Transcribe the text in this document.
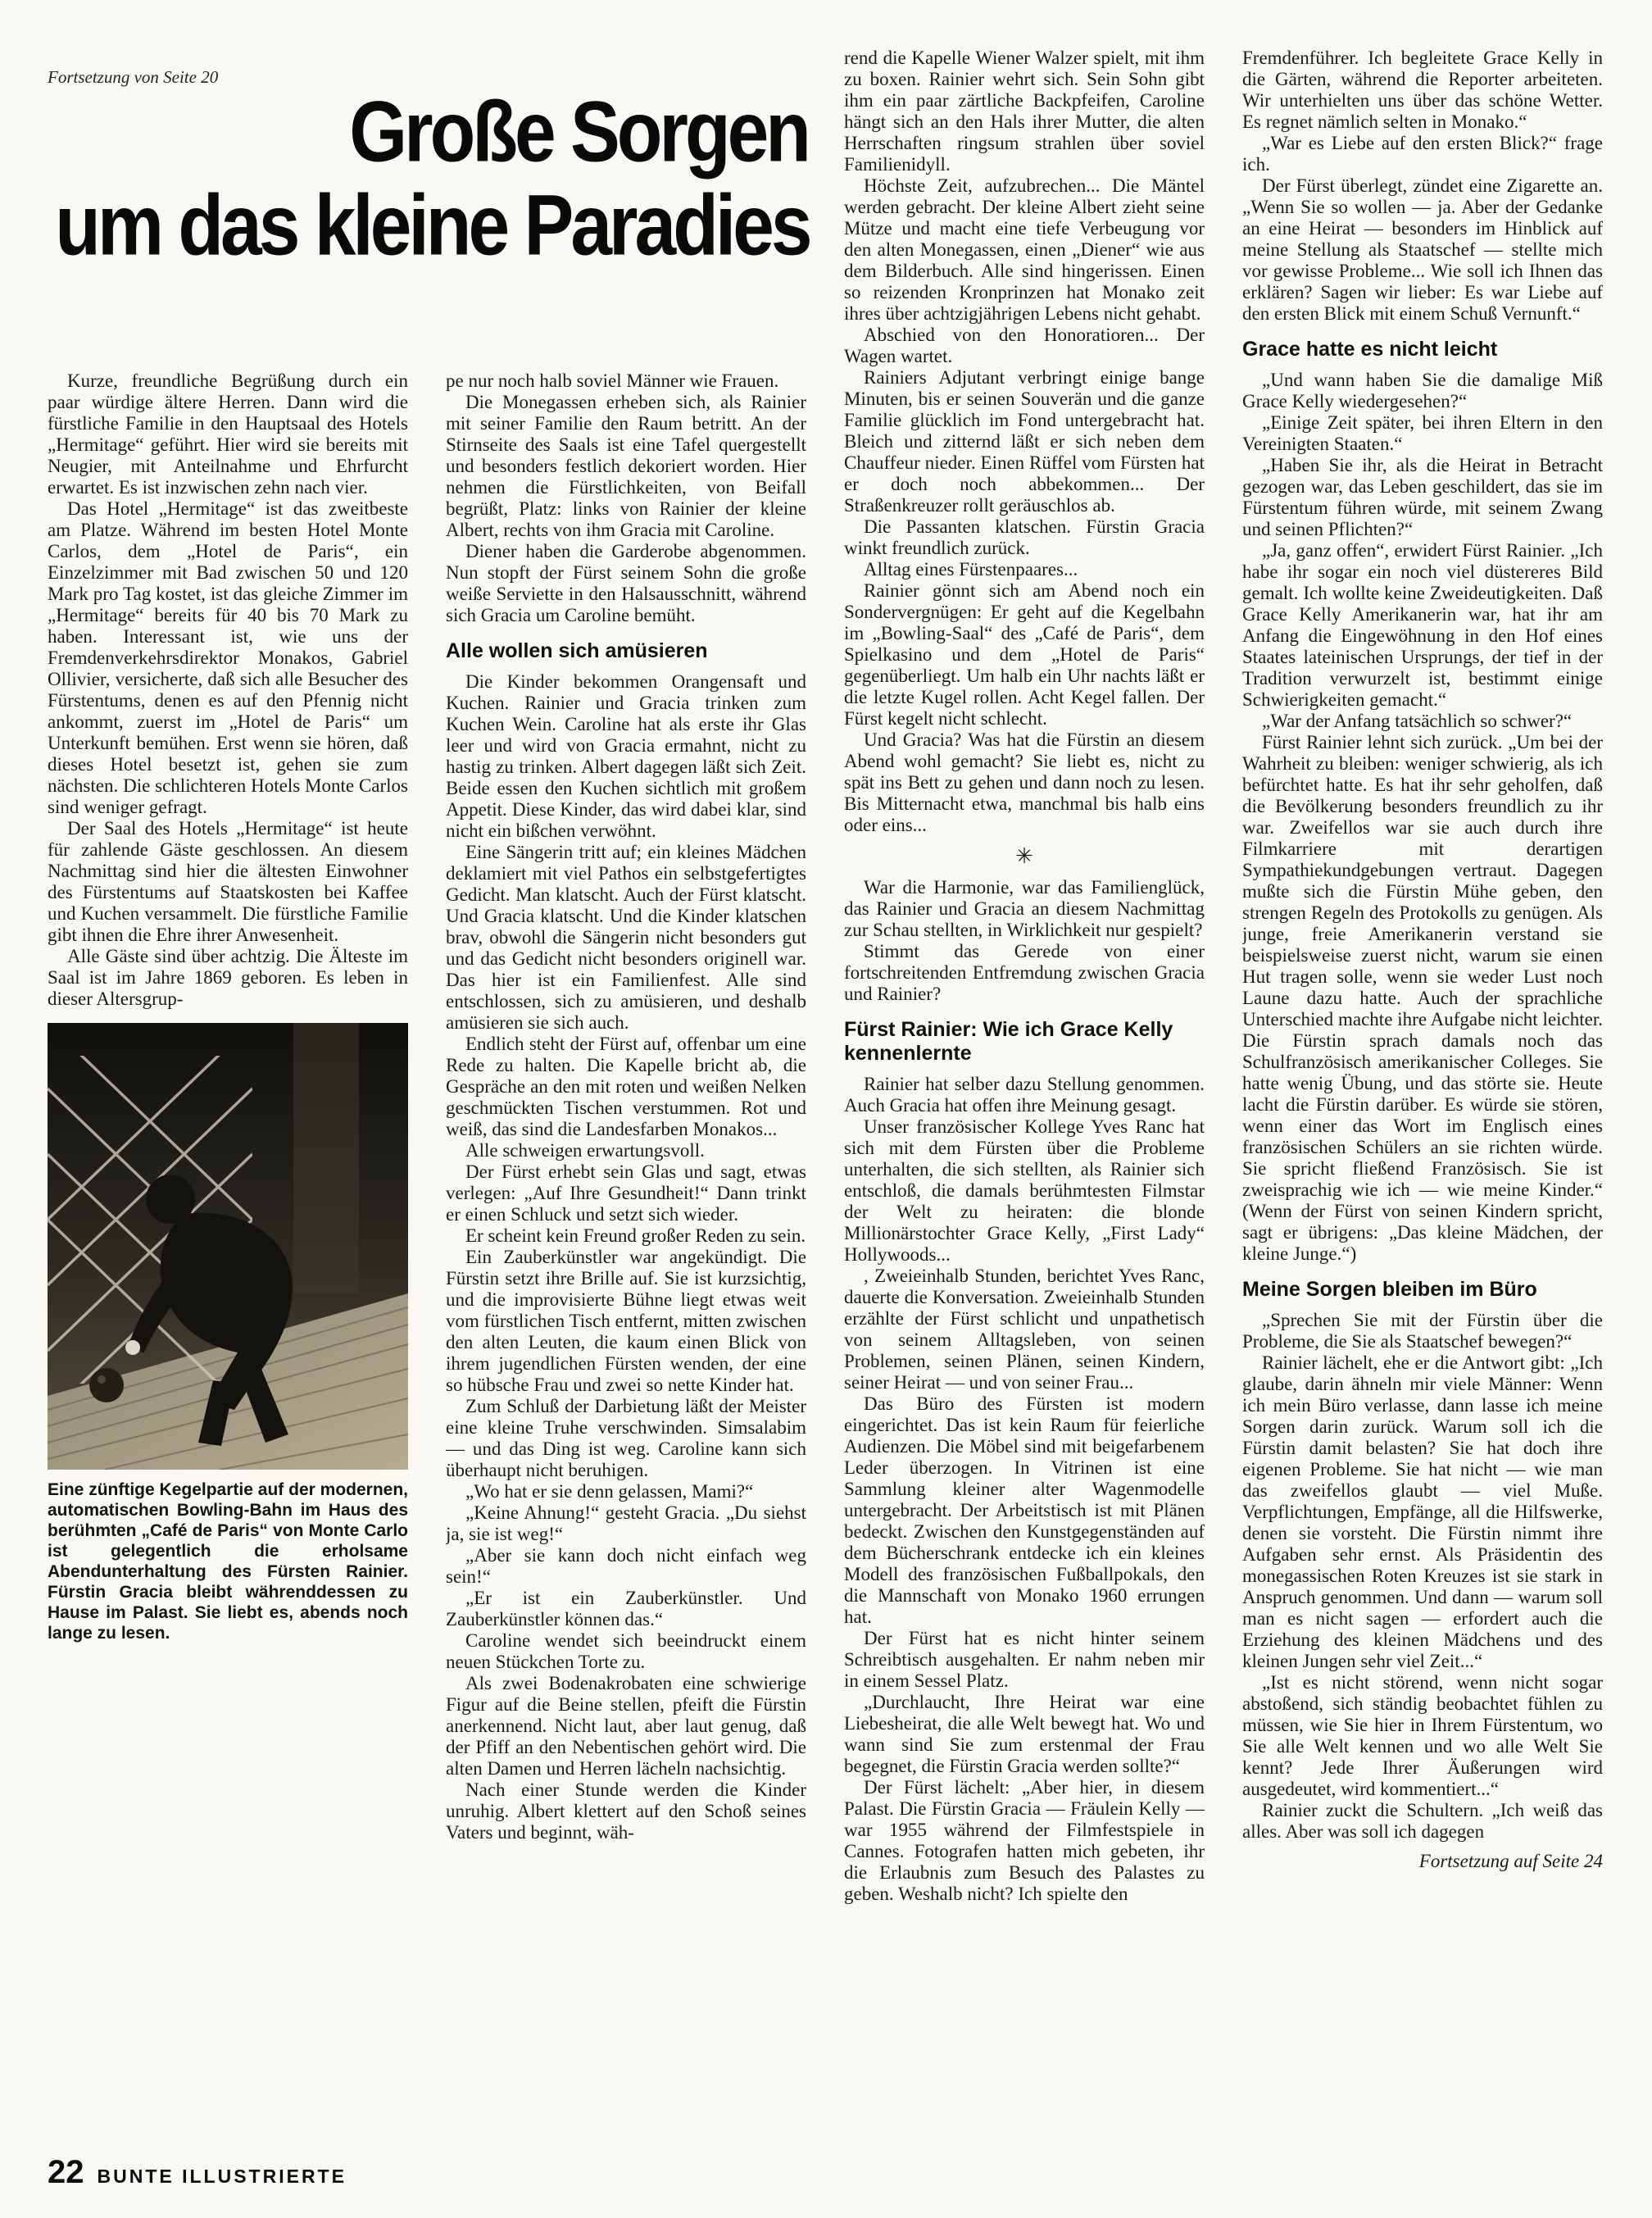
Fortsetzung von Seite 20
Große Sorgen
um das kleine Paradies

Kurze, freundliche Begrüßung durch ein paar würdige ältere Herren. Dann wird die fürstliche Familie in den Hauptsaal des Hotels „Hermitage“ geführt. Hier wird sie bereits mit Neugier, mit Anteilnahme und Ehrfurcht erwartet. Es ist inzwischen zehn nach vier.

Das Hotel „Hermitage“ ist das zweitbeste am Platze. Während im besten Hotel Monte Carlos, dem „Hotel de Paris“, ein Einzelzimmer mit Bad zwischen 50 und 120 Mark pro Tag kostet, ist das gleiche Zimmer im „Hermitage“ bereits für 40 bis 70 Mark zu haben. Interessant ist, wie uns der Fremdenverkehrsdirektor Monakos, Gabriel Ollivier, versicherte, daß sich alle Besucher des Fürstentums, denen es auf den Pfennig nicht ankommt, zuerst im „Hotel de Paris“ um Unterkunft bemühen. Erst wenn sie hören, daß dieses Hotel besetzt ist, gehen sie zum nächsten. Die schlichteren Hotels Monte Carlos sind weniger gefragt.

Der Saal des Hotels „Hermitage“ ist heute für zahlende Gäste geschlossen. An diesem Nachmittag sind hier die ältesten Einwohner des Fürstentums auf Staatskosten bei Kaffee und Kuchen versammelt. Die fürstliche Familie gibt ihnen die Ehre ihrer Anwesenheit.

Alle Gäste sind über achtzig. Die Älteste im Saal ist im Jahre 1869 geboren. Es leben in dieser Altersgrup-

Eine zünftige Kegelpartie auf der modernen, automatischen Bowling-Bahn im Haus des berühmten „Café de Paris“ von Monte Carlo ist gelegentlich die erholsame Abendunterhaltung des Fürsten Rainier. Fürstin Gracia bleibt währenddessen zu Hause im Palast. Sie liebt es, abends noch lange zu lesen.

pe nur noch halb soviel Männer wie Frauen.

Die Monegassen erheben sich, als Rainier mit seiner Familie den Raum betritt. An der Stirnseite des Saals ist eine Tafel quergestellt und besonders festlich dekoriert worden. Hier nehmen die Fürstlichkeiten, von Beifall begrüßt, Platz: links von Rainier der kleine Albert, rechts von ihm Gracia mit Caroline.

Diener haben die Garderobe abgenommen. Nun stopft der Fürst seinem Sohn die große weiße Serviette in den Halsausschnitt, während sich Gracia um Caroline bemüht.

Alle wollen sich amüsieren

Die Kinder bekommen Orangensaft und Kuchen. Rainier und Gracia trinken zum Kuchen Wein. Caroline hat als erste ihr Glas leer und wird von Gracia ermahnt, nicht zu hastig zu trinken. Albert dagegen läßt sich Zeit. Beide essen den Kuchen sichtlich mit großem Appetit. Diese Kinder, das wird dabei klar, sind nicht ein bißchen verwöhnt.

Eine Sängerin tritt auf; ein kleines Mädchen deklamiert mit viel Pathos ein selbstgefertigtes Gedicht. Man klatscht. Auch der Fürst klatscht. Und Gracia klatscht. Und die Kinder klatschen brav, obwohl die Sängerin nicht besonders gut und das Gedicht nicht besonders originell war. Das hier ist ein Familienfest. Alle sind entschlossen, sich zu amüsieren, und deshalb amüsieren sie sich auch.

Endlich steht der Fürst auf, offenbar um eine Rede zu halten. Die Kapelle bricht ab, die Gespräche an den mit roten und weißen Nelken geschmückten Tischen verstummen. Rot und weiß, das sind die Landesfarben Monakos...

Alle schweigen erwartungsvoll.

Der Fürst erhebt sein Glas und sagt, etwas verlegen: „Auf Ihre Gesundheit!“ Dann trinkt er einen Schluck und setzt sich wieder.

Er scheint kein Freund großer Reden zu sein.

Ein Zauberkünstler war angekündigt. Die Fürstin setzt ihre Brille auf. Sie ist kurzsichtig, und die improvisierte Bühne liegt etwas weit vom fürstlichen Tisch entfernt, mitten zwischen den alten Leuten, die kaum einen Blick von ihrem jugendlichen Fürsten wenden, der eine so hübsche Frau und zwei so nette Kinder hat.

Zum Schluß der Darbietung läßt der Meister eine kleine Truhe verschwinden. Simsalabim — und das Ding ist weg. Caroline kann sich überhaupt nicht beruhigen.

„Wo hat er sie denn gelassen, Mami?“

„Keine Ahnung!“ gesteht Gracia. „Du siehst ja, sie ist weg!“

„Aber sie kann doch nicht einfach weg sein!“

„Er ist ein Zauberkünstler. Und Zauberkünstler können das.“

Caroline wendet sich beeindruckt einem neuen Stückchen Torte zu.

Als zwei Bodenakrobaten eine schwierige Figur auf die Beine stellen, pfeift die Fürstin anerkennend. Nicht laut, aber laut genug, daß der Pfiff an den Nebentischen gehört wird. Die alten Damen und Herren lächeln nachsichtig.

Nach einer Stunde werden die Kinder unruhig. Albert klettert auf den Schoß seines Vaters und beginnt, wäh-

rend die Kapelle Wiener Walzer spielt, mit ihm zu boxen. Rainier wehrt sich. Sein Sohn gibt ihm ein paar zärtliche Backpfeifen, Caroline hängt sich an den Hals ihrer Mutter, die alten Herrschaften ringsum strahlen über soviel Familienidyll.

Höchste Zeit, aufzubrechen... Die Mäntel werden gebracht. Der kleine Albert zieht seine Mütze und macht eine tiefe Verbeugung vor den alten Monegassen, einen „Diener“ wie aus dem Bilderbuch. Alle sind hingerissen. Einen so reizenden Kronprinzen hat Monako zeit ihres über achtzigjährigen Lebens nicht gehabt.

Abschied von den Honoratioren... Der Wagen wartet.

Rainiers Adjutant verbringt einige bange Minuten, bis er seinen Souverän und die ganze Familie glücklich im Fond untergebracht hat. Bleich und zitternd läßt er sich neben dem Chauffeur nieder. Einen Rüffel vom Fürsten hat er doch noch abbekommen... Der Straßenkreuzer rollt geräuschlos ab.

Die Passanten klatschen. Fürstin Gracia winkt freundlich zurück.

Alltag eines Fürstenpaares...

Rainier gönnt sich am Abend noch ein Sondervergnügen: Er geht auf die Kegelbahn im „Bowling-Saal“ des „Café de Paris“, dem Spielkasino und dem „Hotel de Paris“ gegenüberliegt. Um halb ein Uhr nachts läßt er die letzte Kugel rollen. Acht Kegel fallen. Der Fürst kegelt nicht schlecht.

Und Gracia? Was hat die Fürstin an diesem Abend wohl gemacht? Sie liebt es, nicht zu spät ins Bett zu gehen und dann noch zu lesen. Bis Mitternacht etwa, manchmal bis halb eins oder eins...

✳

War die Harmonie, war das Familienglück, das Rainier und Gracia an diesem Nachmittag zur Schau stellten, in Wirklichkeit nur gespielt?

Stimmt das Gerede von einer fortschreitenden Entfremdung zwischen Gracia und Rainier?

Fürst Rainier: Wie ich Grace Kelly kennenlernte

Rainier hat selber dazu Stellung genommen. Auch Gracia hat offen ihre Meinung gesagt.

Unser französischer Kollege Yves Ranc hat sich mit dem Fürsten über die Probleme unterhalten, die sich stellten, als Rainier sich entschloß, die damals berühmtesten Filmstar der Welt zu heiraten: die blonde Millionärstochter Grace Kelly, „First Lady“ Hollywoods...

, Zweieinhalb Stunden, berichtet Yves Ranc, dauerte die Konversation. Zweieinhalb Stunden erzählte der Fürst schlicht und unpathetisch von seinem Alltagsleben, von seinen Problemen, seinen Plänen, seinen Kindern, seiner Heirat — und von seiner Frau...

Das Büro des Fürsten ist modern eingerichtet. Das ist kein Raum für feierliche Audienzen. Die Möbel sind mit beigefarbenem Leder überzogen. In Vitrinen ist eine Sammlung kleiner alter Wagenmodelle untergebracht. Der Arbeitstisch ist mit Plänen bedeckt. Zwischen den Kunstgegenständen auf dem Bücherschrank entdecke ich ein kleines Modell des französischen Fußballpokals, den die Mannschaft von Monako 1960 errungen hat.

Der Fürst hat es nicht hinter seinem Schreibtisch ausgehalten. Er nahm neben mir in einem Sessel Platz.

„Durchlaucht, Ihre Heirat war eine Liebesheirat, die alle Welt bewegt hat. Wo und wann sind Sie zum erstenmal der Frau begegnet, die Fürstin Gracia werden sollte?“

Der Fürst lächelt: „Aber hier, in diesem Palast. Die Fürstin Gracia — Fräulein Kelly — war 1955 während der Filmfestspiele in Cannes. Fotografen hatten mich gebeten, ihr die Erlaubnis zum Besuch des Palastes zu geben. Weshalb nicht? Ich spielte den

Fremdenführer. Ich begleitete Grace Kelly in die Gärten, während die Reporter arbeiteten. Wir unterhielten uns über das schöne Wetter. Es regnet nämlich selten in Monako.“

„War es Liebe auf den ersten Blick?“ frage ich.

Der Fürst überlegt, zündet eine Zigarette an. „Wenn Sie so wollen — ja. Aber der Gedanke an eine Heirat — besonders im Hinblick auf meine Stellung als Staatschef — stellte mich vor gewisse Probleme... Wie soll ich Ihnen das erklären? Sagen wir lieber: Es war Liebe auf den ersten Blick mit einem Schuß Vernunft.“

Grace hatte es nicht leicht

„Und wann haben Sie die damalige Miß Grace Kelly wiedergesehen?“

„Einige Zeit später, bei ihren Eltern in den Vereinigten Staaten.“

„Haben Sie ihr, als die Heirat in Betracht gezogen war, das Leben geschildert, das sie im Fürstentum führen würde, mit seinem Zwang und seinen Pflichten?“

„Ja, ganz offen“, erwidert Fürst Rainier. „Ich habe ihr sogar ein noch viel düstereres Bild gemalt. Ich wollte keine Zweideutigkeiten. Daß Grace Kelly Amerikanerin war, hat ihr am Anfang die Eingewöhnung in den Hof eines Staates lateinischen Ursprungs, der tief in der Tradition verwurzelt ist, bestimmt einige Schwierigkeiten gemacht.“

„War der Anfang tatsächlich so schwer?“

Fürst Rainier lehnt sich zurück. „Um bei der Wahrheit zu bleiben: weniger schwierig, als ich befürchtet hatte. Es hat ihr sehr geholfen, daß die Bevölkerung besonders freundlich zu ihr war. Zweifellos war sie auch durch ihre Filmkarriere mit derartigen Sympathiekundgebungen vertraut. Dagegen mußte sich die Fürstin Mühe geben, den strengen Regeln des Protokolls zu genügen. Als junge, freie Amerikanerin verstand sie beispielsweise zuerst nicht, warum sie einen Hut tragen solle, wenn sie weder Lust noch Laune dazu hatte. Auch der sprachliche Unterschied machte ihre Aufgabe nicht leichter. Die Fürstin sprach damals noch das Schulfranzösisch amerikanischer Colleges. Sie hatte wenig Übung, und das störte sie. Heute lacht die Fürstin darüber. Es würde sie stören, wenn einer das Wort im Englisch eines französischen Schülers an sie richten würde. Sie spricht fließend Französisch. Sie ist zweisprachig wie ich — wie meine Kinder.“ (Wenn der Fürst von seinen Kindern spricht, sagt er übrigens: „Das kleine Mädchen, der kleine Junge.“)

Meine Sorgen bleiben im Büro

„Sprechen Sie mit der Fürstin über die Probleme, die Sie als Staatschef bewegen?“

Rainier lächelt, ehe er die Antwort gibt: „Ich glaube, darin ähneln mir viele Männer: Wenn ich mein Büro verlasse, dann lasse ich meine Sorgen darin zurück. Warum soll ich die Fürstin damit belasten? Sie hat doch ihre eigenen Probleme. Sie hat nicht — wie man das zweifellos glaubt — viel Muße. Verpflichtungen, Empfänge, all die Hilfswerke, denen sie vorsteht. Die Fürstin nimmt ihre Aufgaben sehr ernst. Als Präsidentin des monegassischen Roten Kreuzes ist sie stark in Anspruch genommen. Und dann — warum soll man es nicht sagen — erfordert auch die Erziehung des kleinen Mädchens und des kleinen Jungen sehr viel Zeit...“

„Ist es nicht störend, wenn nicht sogar abstoßend, sich ständig beobachtet fühlen zu müssen, wie Sie hier in Ihrem Fürstentum, wo Sie alle Welt kennen und wo alle Welt Sie kennt? Jede Ihrer Äußerungen wird ausgedeutet, wird kommentiert...“

Rainier zuckt die Schultern. „Ich weiß das alles. Aber was soll ich dagegen

Fortsetzung auf Seite 24

22 BUNTE ILLUSTRIERTE
